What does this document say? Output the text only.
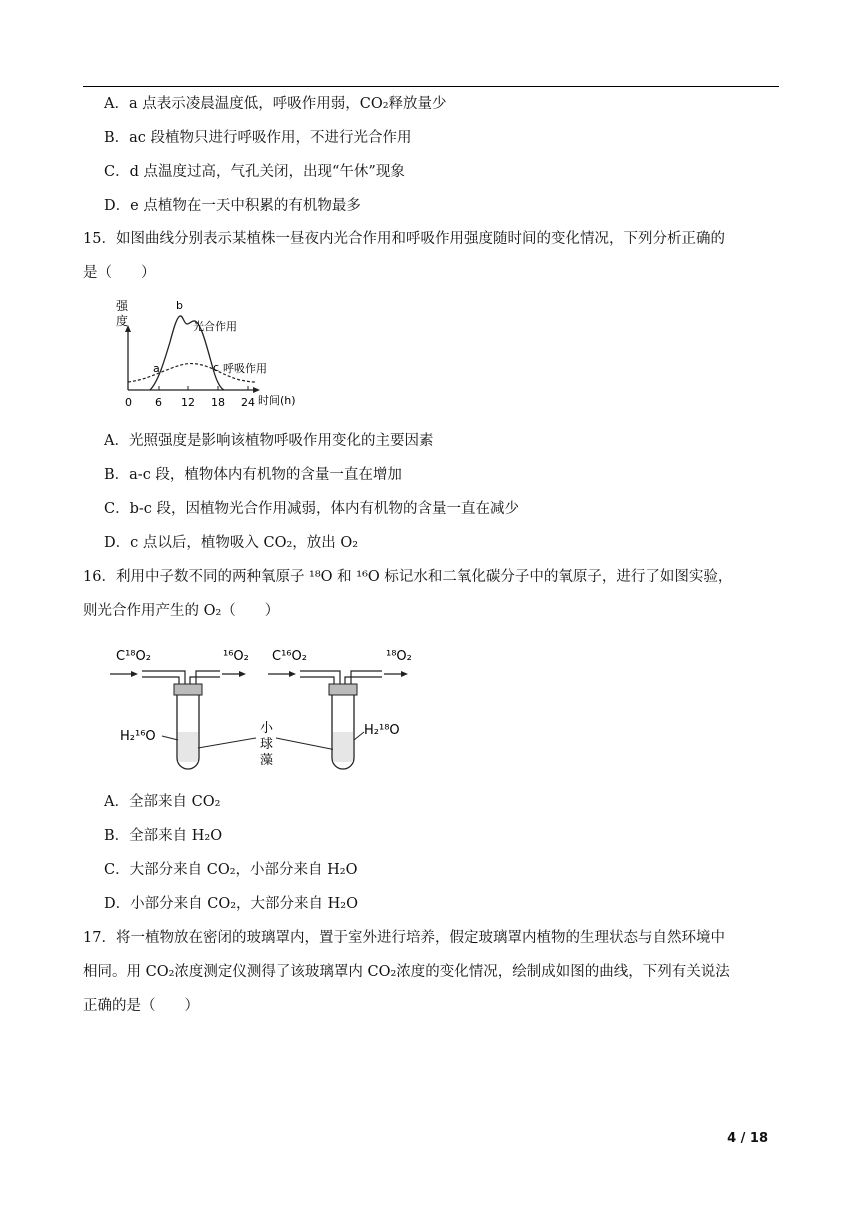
A．a 点表示凌晨温度低，呼吸作用弱，CO₂释放量少
B．ac 段植物只进行呼吸作用，不进行光合作用
C．d 点温度过高，气孔关闭，出现“午休”现象
D．e 点植物在一天中积累的有机物最多
15．如图曲线分别表示某植株一昼夜内光合作用和呼吸作用强度随时间的变化情况，下列分析正确的
是（　　）
强
度
a
b
c
光合作用
呼吸作用
0 6 12 18 24 时间(h)
A．光照强度是影响该植物呼吸作用变化的主要因素
B．a-c 段，植物体内有机物的含量一直在增加
C．b-c 段，因植物光合作用减弱，体内有机物的含量一直在减少
D．c 点以后，植物吸入 CO₂，放出 O₂
16．利用中子数不同的两种氧原子 ¹⁸O 和 ¹⁶O 标记水和二氧化碳分子中的氧原子，进行了如图实验，
则光合作用产生的 O₂（　　）
C¹⁸O₂	¹⁶O₂
H₂¹⁶O
小
球
藻
C¹⁶O₂	¹⁸O₂
H₂¹⁸O
A．全部来自 CO₂
B．全部来自 H₂O
C．大部分来自 CO₂，小部分来自 H₂O
D．小部分来自 CO₂，大部分来自 H₂O
17．将一植物放在密闭的玻璃罩内，置于室外进行培养，假定玻璃罩内植物的生理状态与自然环境中
相同。用 CO₂浓度测定仪测得了该玻璃罩内 CO₂浓度的变化情况，绘制成如图的曲线，下列有关说法
正确的是（　　）
4 / 18
